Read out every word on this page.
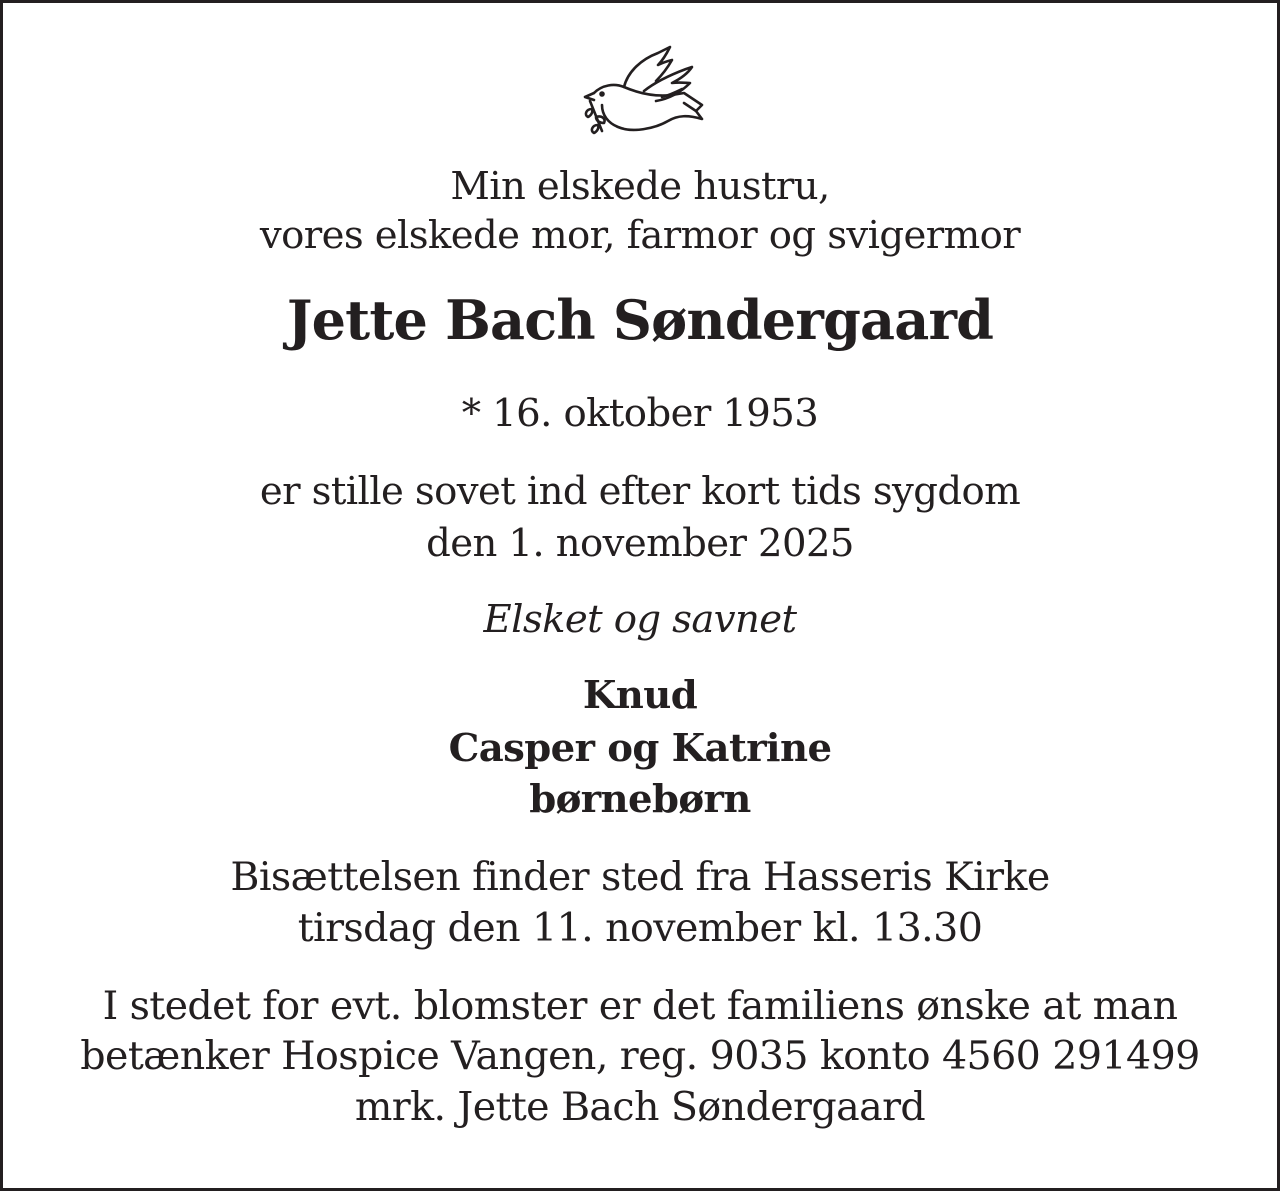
Min elskede hustru,
vores elskede mor, farmor og svigermor
Jette Bach Søndergaard
* 16. oktober 1953
er stille sovet ind efter kort tids sygdom
den 1. november 2025
Elsket og savnet
Knud
Casper og Katrine
børnebørn
Bisættelsen finder sted fra Hasseris Kirke
tirsdag den 11. november kl. 13.30
I stedet for evt. blomster er det familiens ønske at man
betænker Hospice Vangen, reg. 9035 konto 4560 291499
mrk. Jette Bach Søndergaard
